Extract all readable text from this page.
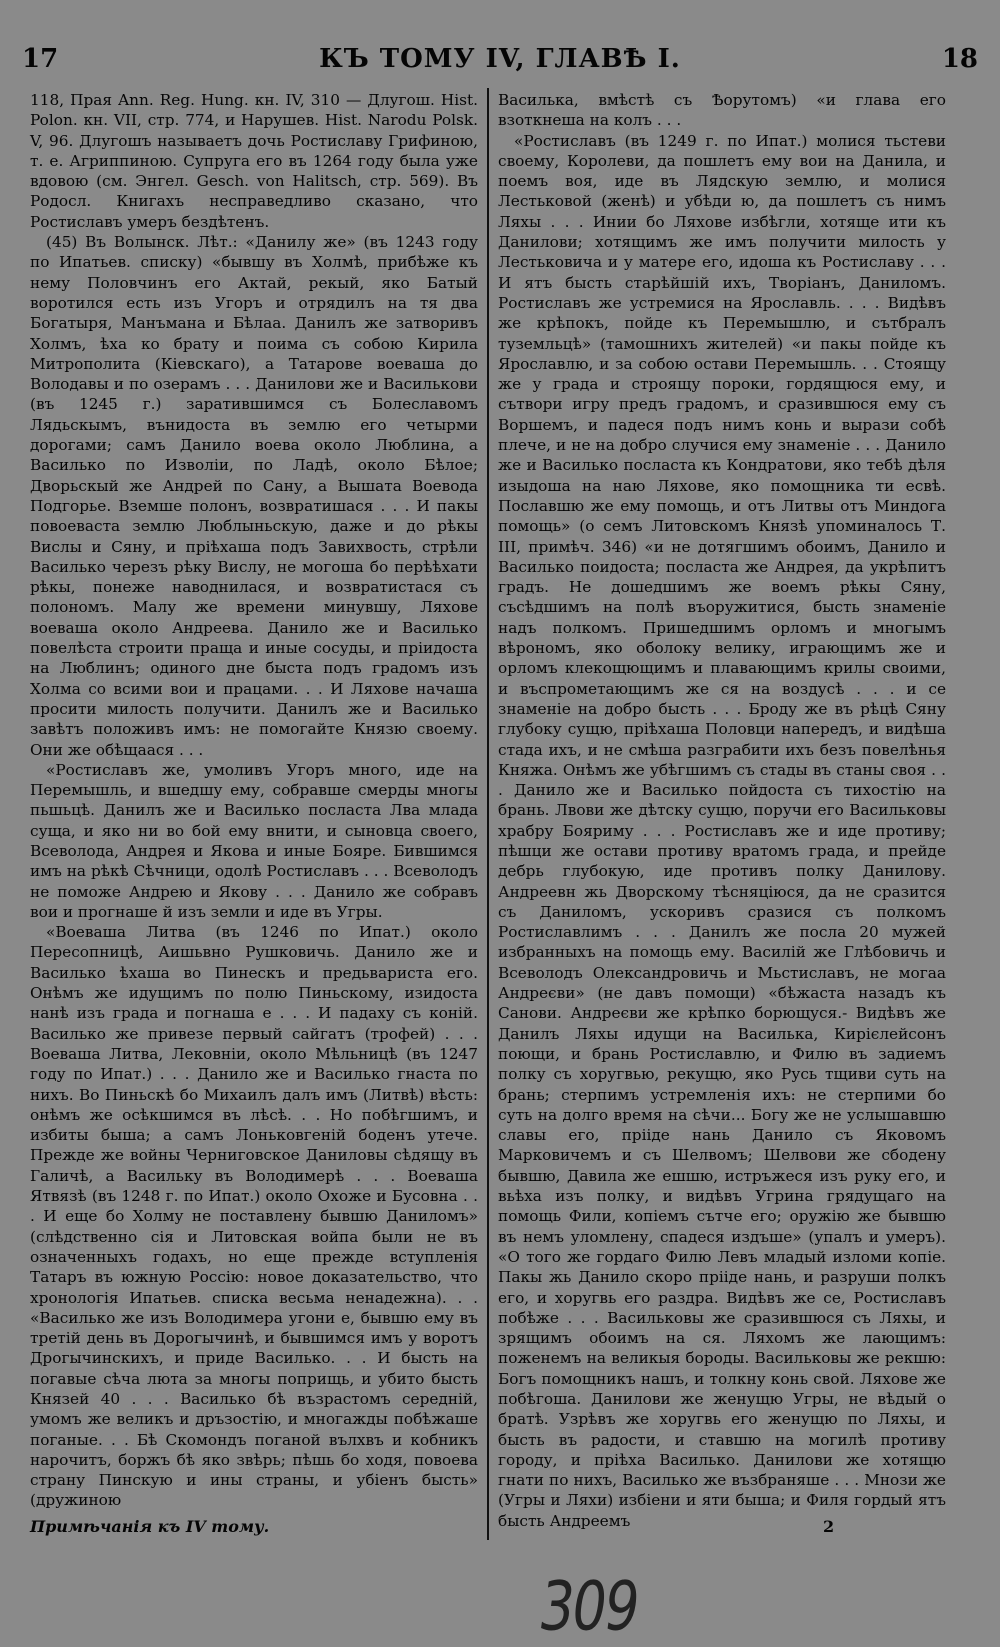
17	КЪ ТОМУ IV, ГЛАВѢ I.	18

118, Прая Ann. Reg. Hung. кн. IV, 310 — Длугош. Hist. Polon. кн. VII, стр. 774, и Нарушев. Hist. Narodu Polsk. V, 96. Длугошъ называетъ дочь Ростиславу Грифиною, т. е. Агриппиною. Супруга его въ 1264 году была уже вдовою (см. Энгел. Gesch. von Halitsch, стр. 569). Въ Родосл. Книгахъ несправедливо сказано, что Ростиславъ умеръ бездѣтенъ.

(45) Въ Волынск. Лѣт.: «Данилу же» (въ 1243 году по Ипатьев. списку) «бывшу въ Холмѣ, прибѣже къ нему Половчинъ его Актай, рекый, яко Батый воротился есть изъ Угоръ и отрядилъ на тя два Богатыря, Манъмана и Бѣлаа. Данилъ же затворивъ Холмъ, ѣха ко брату и поима съ собою Кирила Митрополита (Кіевскаго), а Татарове воеваша до Володавы и по озерамъ . . . Данилови же и Василькови (въ 1245 г.) заратившимся съ Болеславомъ Лядьскымъ, вънидоста въ землю его четырми дорогами; самъ Данило воева около Люблина, а Василько по Изволіи, по Ладѣ, около Бѣлое; Дворьскый же Андрей по Сану, а Вышата Воевода Подгорье. Вземше полонъ, возвратишася . . . И пакы повоеваста землю Люблыньскую, даже и до рѣкы Вислы и Сяну, и пріѣхаша подъ Завихвость, стрѣли Василько черезъ рѣку Вислу, не могоша бо перѣѣхати рѣкы, понеже наводнилася, и возвратистася съ полономъ. Малу же времени минувшу, Ляхове воеваша около Андреева. Данило же и Василько повелѣста строити праща и иные сосуды, и пріидоста на Люблинъ; одиного дне быста подъ градомъ изъ Холма со всими вои и працами. . . И Ляхове начаша просити милость получити. Данилъ же и Василько завѣтъ положивъ имъ: не помогайте Князю своему. Они же обѣщаася . . .

«Ростиславъ же, умоливъ Угоръ много, иде на Перемышль, и вшедшу ему, собравше смерды многы пьшьцѣ. Данилъ же и Василько посласта Лва млада суща, и яко ни во бой ему внити, и сыновца своего, Всеволода, Андрея и Якова и иные Бояре. Бившимся имъ на рѣкѣ Сѣчници, одолѣ Ростиславъ . . . Всеволодъ не поможе Андрею и Якову . . . Данило же собравъ вои и прогнаше й изъ земли и иде въ Угры.

«Воеваша Литва (въ 1246 по Ипат.) около Пересопницѣ, Аишьвно Рушковичь. Данило же и Василько ѣхаша во Пинескъ и предьвариста его. Онѣмъ же идущимъ по полю Пиньскому, изидоста нанѣ изъ града и погнаша е . . . И падаху съ коній. Василько же привезе первый сайгатъ (трофей) . . . Воеваша Литва, Лековніи, около Мѣльницѣ (въ 1247 году по Ипат.) . . . Данило же и Василько гнаста по нихъ. Во Пиньскѣ бо Михаилъ далъ имъ (Литвѣ) вѣсть: онѣмъ же осѣкшимся въ лѣсѣ. . . Но побѣгшимъ, и избиты быша; а самъ Лоньковгеній боденъ утече. Прежде же войны Черниговское Даниловы сѣдящу въ Галичѣ, а Васильку въ Володимерѣ . . . Воеваша Ятвязѣ (въ 1248 г. по Ипат.) около Охоже и Бусовна . . . И еще бо Холму не поставлену бывшю Даниломъ» (слѣдственно сія и Литовская войпа были не въ означенныхъ годахъ, но еще прежде вступленія Татаръ въ южную Россію: новое доказательство, что хронологія Ипатьев. списка весьма ненадежна). . . «Василько же изъ Володимера угони е, бывшю ему въ третій день въ Дорогычинѣ, и бывшимся имъ у воротъ Дрогычинскихъ, и приде Василько. . . И бысть на погавые сѣча люта за многы поприщь, и убито бысть Князей 40 . . . Василько бѣ възрастомъ середній, умомъ же великъ и дръзостію, и многажды побѣжаше поганые. . . Бѣ Скомондъ поганой вълхвъ и кобникъ нарочитъ, боржъ бѣ яко звѣрь; пѣшь бо ходя, повоева страну Пинскую и ины страны, и убіенъ бысть» (дружиною

Василька, вмѣстѣ съ Ѣорутомъ) «и глава его взоткнеша на колъ . . .

«Ростиславъ (въ 1249 г. по Ипат.) молися тьстеви своему, Королеви, да пошлетъ ему вои на Данила, и поемъ воя, иде въ Лядскую землю, и молися Лестьковой (женѣ) и убѣди ю, да пошлетъ съ нимъ Ляхы . . . Инии бо Ляхове избѣгли, хотяще ити къ Данилови; хотящимъ же имъ получити милость у Лестьковича и у матере его, идоша къ Ростиславу . . . И ятъ бысть старѣйшій ихъ, Творіанъ, Даниломъ. Ростиславъ же устремися на Ярославль. . . . Видѣвъ же крѣпокъ, пойде къ Перемышлю, и сътбралъ туземльцѣ» (тамошнихъ жителей) «и пакы пойде къ Ярославлю, и за собою остави Перемышль. . . Стоящу же у града и строящу пороки, гордящюся ему, и сътвори игру предъ градомъ, и сразившюся ему съ Воршемъ, и падеся подъ нимъ конь и вырази собѣ плече, и не на добро случися ему знаменіе . . . Данило же и Василько посласта къ Кондратови, яко тебѣ дѣля изыдоша на наю Ляхове, яко помощника ти есвѣ. Пославшю же ему помощь, и отъ Литвы отъ Миндога помощь» (о семъ Литовскомъ Князѣ упоминалось Т. III, примѣч. 346) «и не дотягшимъ обоимъ, Данило и Василько поидоста; посласта же Андрея, да укрѣпитъ градъ. Не дошедшимъ же воемъ рѣкы Сяну, съсѣдшимъ на полѣ въоружитися, бысть знаменіе надъ полкомъ. Пришедшимъ орломъ и многымъ вѣрономъ, яко оболоку велику, играющимъ же и орломъ клекощющимъ и плавающимъ крилы своими, и въспрометающимъ же ся на воздусѣ . . . и се знаменіе на добро бысть . . . Броду же въ рѣцѣ Сяну глубоку сущю, пріѣхаша Половци напередъ, и видѣша стада ихъ, и не смѣша разграбити ихъ безъ повелѣнья Княжа. Онѣмъ же убѣгшимъ съ стады въ станы своя . . . Данило же и Василько пойдоста съ тихостію на брань. Лвови же дѣтску сущю, поручи его Васильковы храбру Бояриму . . . Ростиславъ же и иде противу; пѣшци же остави противу вратомъ града, и прейде дебрь глубокую, иде противъ полку Данилову. Андреевн жь Дворскому тѣсняціюся, да не сразится съ Даниломъ, ускоривъ сразися съ полкомъ Ростиславлимъ . . . Данилъ же посла 20 мужей избранныхъ на помощь ему. Василій же Глѣбовичь и Всеволодъ Олександровичь и Мьстиславъ, не могаа Андреєви» (не давъ помощи) «бѣжаста назадъ къ Санови. Андреєви же крѣпко борющуся.- Видѣвъ же Данилъ Ляхы идущи на Василька, Кирієлейсонъ поющи, и брань Ростиславлю, и Филю въ задиемъ полку съ хоругвью, рекущю, яко Русь тщиви суть на брань; стерпимъ устремленія ихъ: не стерпими бо суть на долго время на сѣчи... Богу же не услышавшю славы его, прііде нань Данило съ Яковомъ Марковичемъ и съ Шелвомъ; Шелвови же сбодену бывшю, Давила же ешшю, истръжеся изъ руку его, и вьѣха изъ полку, и видѣвъ Угрина грядущаго на помощь Фили, копіемъ сътче его; оружію же бывшю въ немъ уломлену, спадеся издъше» (упалъ и умеръ). «О того же гордаго Филю Левъ младый изломи копіе. Пакы жь Данило скоро прііде нань, и разруши полкъ его, и хоругвь его раздра. Видѣвъ же се, Ростиславъ побѣже . . . Васильковы же сразившюся съ Ляхы, и зрящимъ обоимъ на ся. Ляхомъ же лающимъ: поженемъ на великыя бороды. Васильковы же рекшю: Богъ помощникъ нашъ, и толкну конь свой. Ляхове же побѣгоша. Данилови же женущю Угры, не вѣдый о братѣ. Узрѣвъ же хоругвь его женущю по Ляхы, и бысть въ радости, и ставшю на могилѣ противу городу, и пріѣха Василько. Данилови же хотящю гнати по нихъ, Василько же възбраняше . . . Мнози же (Угры и Ляхи) избіени и яти быша; и Филя гордый ятъ бысть Андреемъ

Примѣчанія къ IV тому.	2
309
